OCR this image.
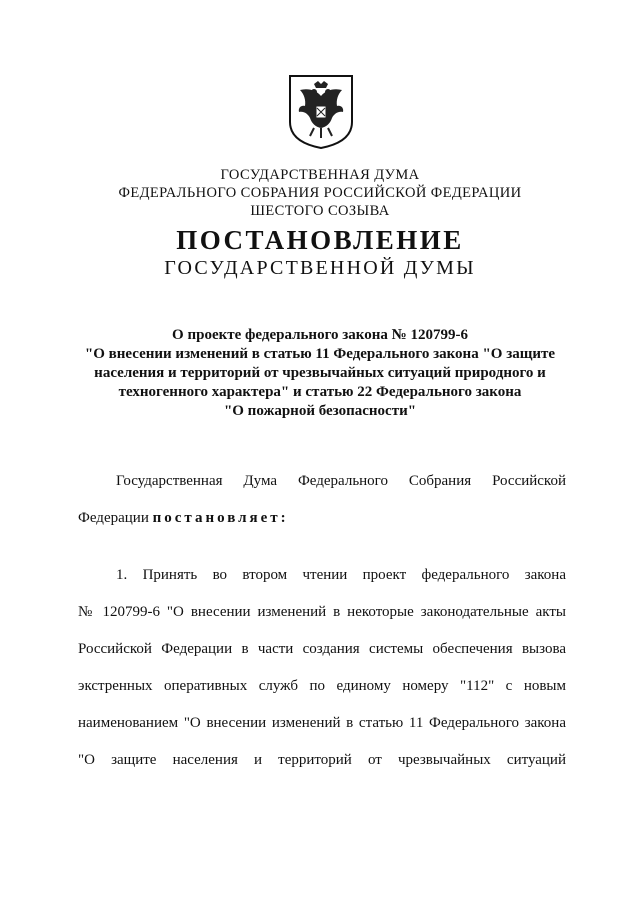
ГОСУДАРСТВЕННАЯ ДУМА
ФЕДЕРАЛЬНОГО СОБРАНИЯ РОССИЙСКОЙ ФЕДЕРАЦИИ
ШЕСТОГО СОЗЫВА
ПОСТАНОВЛЕНИЕ
ГОСУДАРСТВЕННОЙ ДУМЫ
О проекте федерального закона № 120799-6
"О внесении изменений в статью 11 Федерального закона "О защите
населения и территорий от чрезвычайных ситуаций природного и
техногенного характера" и статью 22 Федерального закона
"О пожарной безопасности"
Государственная Дума Федерального Собрания Российской
Федерации постановляет:
1. Принять во втором чтении проект федерального закона
№ 120799-6 "О внесении изменений в некоторые законодательные акты
Российской Федерации в части создания системы обеспечения вызова
экстренных оперативных служб по единому номеру "112" с новым
наименованием "О внесении изменений в статью 11 Федерального закона
"О защите населения и территорий от чрезвычайных ситуаций
